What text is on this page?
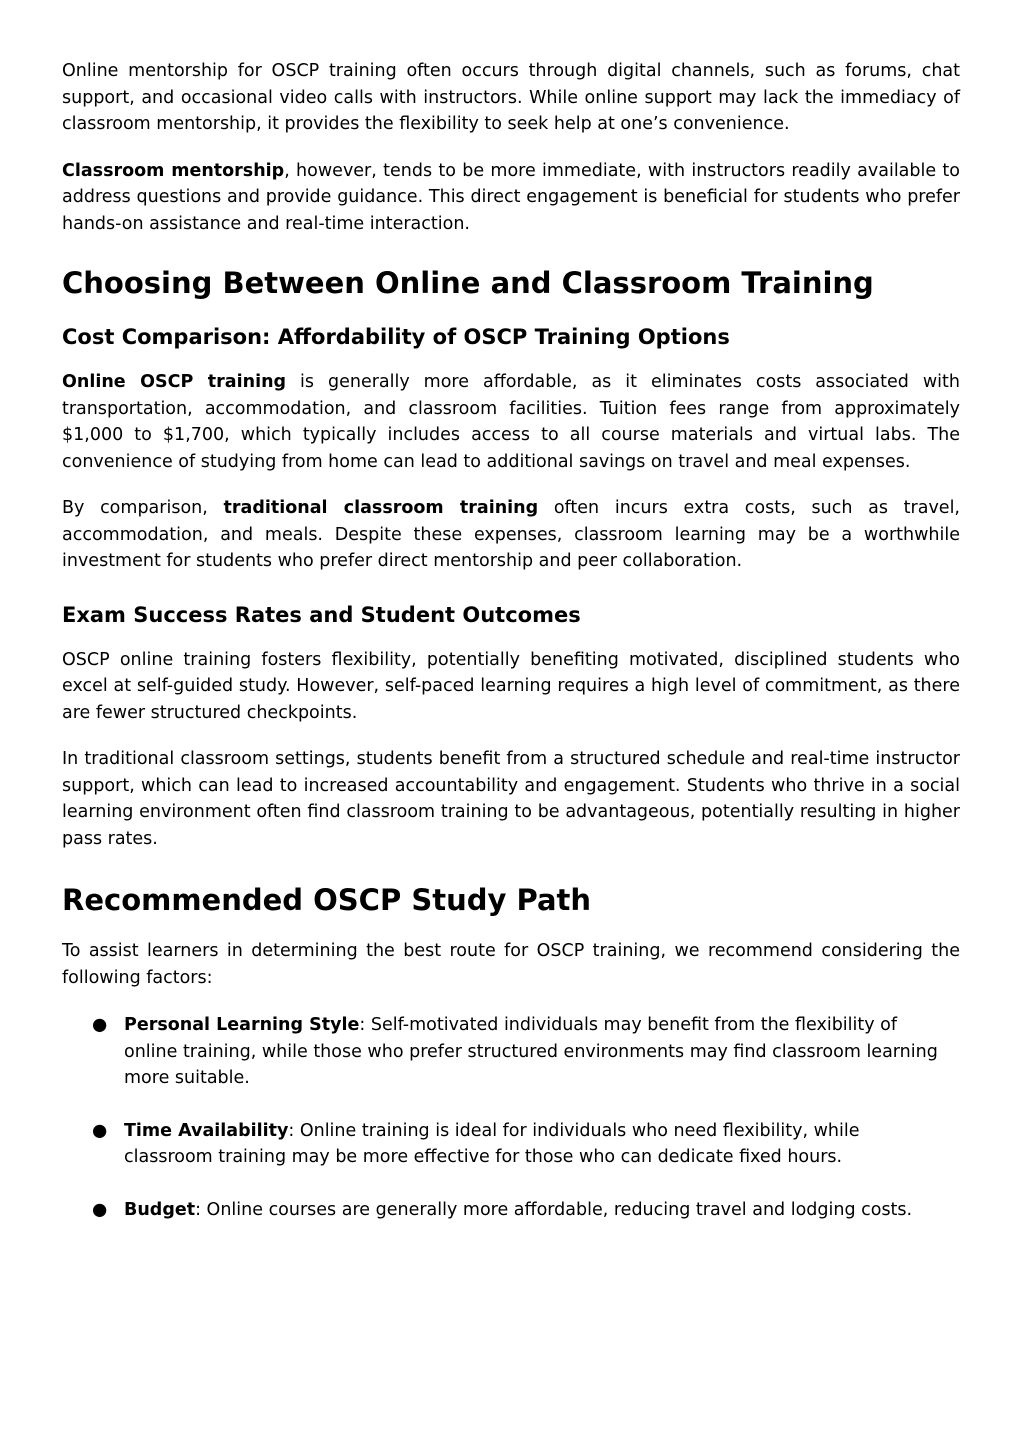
Online mentorship for OSCP training often occurs through digital channels, such as forums, chat support, and occasional video calls with instructors. While online support may lack the immediacy of classroom mentorship, it provides the flexibility to seek help at one’s convenience.

Classroom mentorship, however, tends to be more immediate, with instructors readily available to address questions and provide guidance. This direct engagement is beneficial for students who prefer hands-on assistance and real-time interaction.

Choosing Between Online and Classroom Training
Cost Comparison: Affordability of OSCP Training Options

Online OSCP training is generally more affordable, as it eliminates costs associated with transportation, accommodation, and classroom facilities. Tuition fees range from approximately $1,000 to $1,700, which typically includes access to all course materials and virtual labs. The convenience of studying from home can lead to additional savings on travel and meal expenses.

By comparison, traditional classroom training often incurs extra costs, such as travel, accommodation, and meals. Despite these expenses, classroom learning may be a worthwhile investment for students who prefer direct mentorship and peer collaboration.

Exam Success Rates and Student Outcomes

OSCP online training fosters flexibility, potentially benefiting motivated, disciplined students who excel at self-guided study. However, self-paced learning requires a high level of commitment, as there are fewer structured checkpoints.

In traditional classroom settings, students benefit from a structured schedule and real-time instructor support, which can lead to increased accountability and engagement. Students who thrive in a social learning environment often find classroom training to be advantageous, potentially resulting in higher pass rates.

Recommended OSCP Study Path

To assist learners in determining the best route for OSCP training, we recommend considering the following factors:

● Personal Learning Style: Self-motivated individuals may benefit from the flexibility of online training, while those who prefer structured environments may find classroom learning more suitable.
● Time Availability: Online training is ideal for individuals who need flexibility, while classroom training may be more effective for those who can dedicate fixed hours.
● Budget: Online courses are generally more affordable, reducing travel and lodging costs.
